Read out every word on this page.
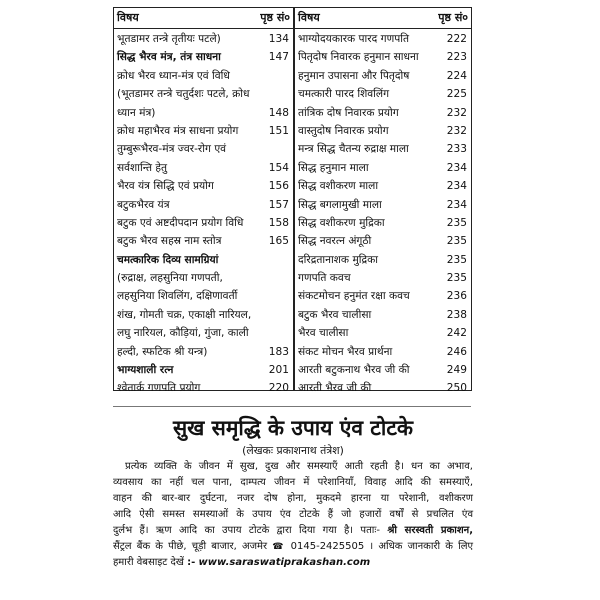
विषय	पृष्ठ सं०
भूतडामर तन्त्रे तृतीयः पटले)	134
सिद्ध भैरव मंत्र, तंत्र साधना	147
क्रोध भैरव ध्यान-मंत्र एवं विधि
(भूतडामर तन्त्रे चतुर्दशः पटले, क्रोध
ध्यान मंत्र)	148
क्रोध महाभैरव मंत्र साधना प्रयोग	151
तुम्बुरूभैरव-मंत्र ज्वर-रोग एवं
सर्वशान्ति हेतु	154
भैरव यंत्र सिद्धि एवं प्रयोग	156
बटुकभैरव यंत्र	157
बटुक एवं अष्टदीपदान प्रयोग विधि	158
बटुक भैरव सहस्र नाम स्तोत्र	165
चमत्कारिक दिव्य सामग्रियां
(रुद्राक्ष, लहसुनिया गणपती,
लहसुनिया शिवलिंग, दक्षिणावर्ती
शंख, गोमती चक्र, एकाक्षी नारियल,
लघु नारियल, कौड़ियां, गुंजा, काली
हल्दी, स्फटिक श्री यन्त्र)	183
भाग्यशाली रत्न	201
श्वेतार्क गणपति प्रयोग	220
विषय	पृष्ठ सं०
भाग्योदयकारक पारद गणपति	222
पितृदोष निवारक हनुमान साधना	223
हनुमान उपासना और पितृदोष	224
चमत्कारी पारद शिवलिंग	225
तांत्रिक दोष निवारक प्रयोग	232
वास्तुदोष निवारक प्रयोग	232
मन्त्र सिद्ध चैतन्य रुद्राक्ष माला	233
सिद्ध हनुमान माला	234
सिद्ध वशीकरण माला	234
सिद्ध बगलामुखी माला	234
सिद्ध वशीकरण मुद्रिका	235
सिद्ध नवरत्न अंगूठी	235
दरिद्रतानाशक मुद्रिका	235
गणपति कवच	235
संकटमोचन हनुमंत रक्षा कवच	236
बटुक भैरव चालीसा	238
भैरव चालीसा	242
संकट मोचन भैरव प्रार्थना	246
आरती बटुकनाथ भैरव जी की	249
आरती भैरव जी की	250
सुख समृद्धि के उपाय एंव टोटके
(लेखकः प्रकाशनाथ तंत्रेश)
प्रत्येक व्यक्ति के जीवन में सुख, दुख और समस्याएँ आती रहती है। धन का अभाव,
व्यवसाय का नहीं चल पाना, दाम्पत्य जीवन में परेशानियाँ, विवाह आदि की समस्याएँ,
वाहन की बार-बार दुर्घटना, नजर दोष होना, मुकदमे हारना या परेशानी, वशीकरण
आदि ऐसी समस्त समस्याओं के उपाय एंव टोटके हैं जो हजारों वर्षों से प्रचलित एंव
दुर्लभ हैं। ऋण आदि का उपाय टोटके द्वारा दिया गया है। पताः- श्री सरस्वती प्रकाशन,
सैंट्रल बैंक के पीछे, चूड़ी बाजार, अजमेर ☎ 0145-2425505 । अधिक जानकारी के लिए
हमारी वेबसाइट देखें :- www.saraswatiprakashan.com
